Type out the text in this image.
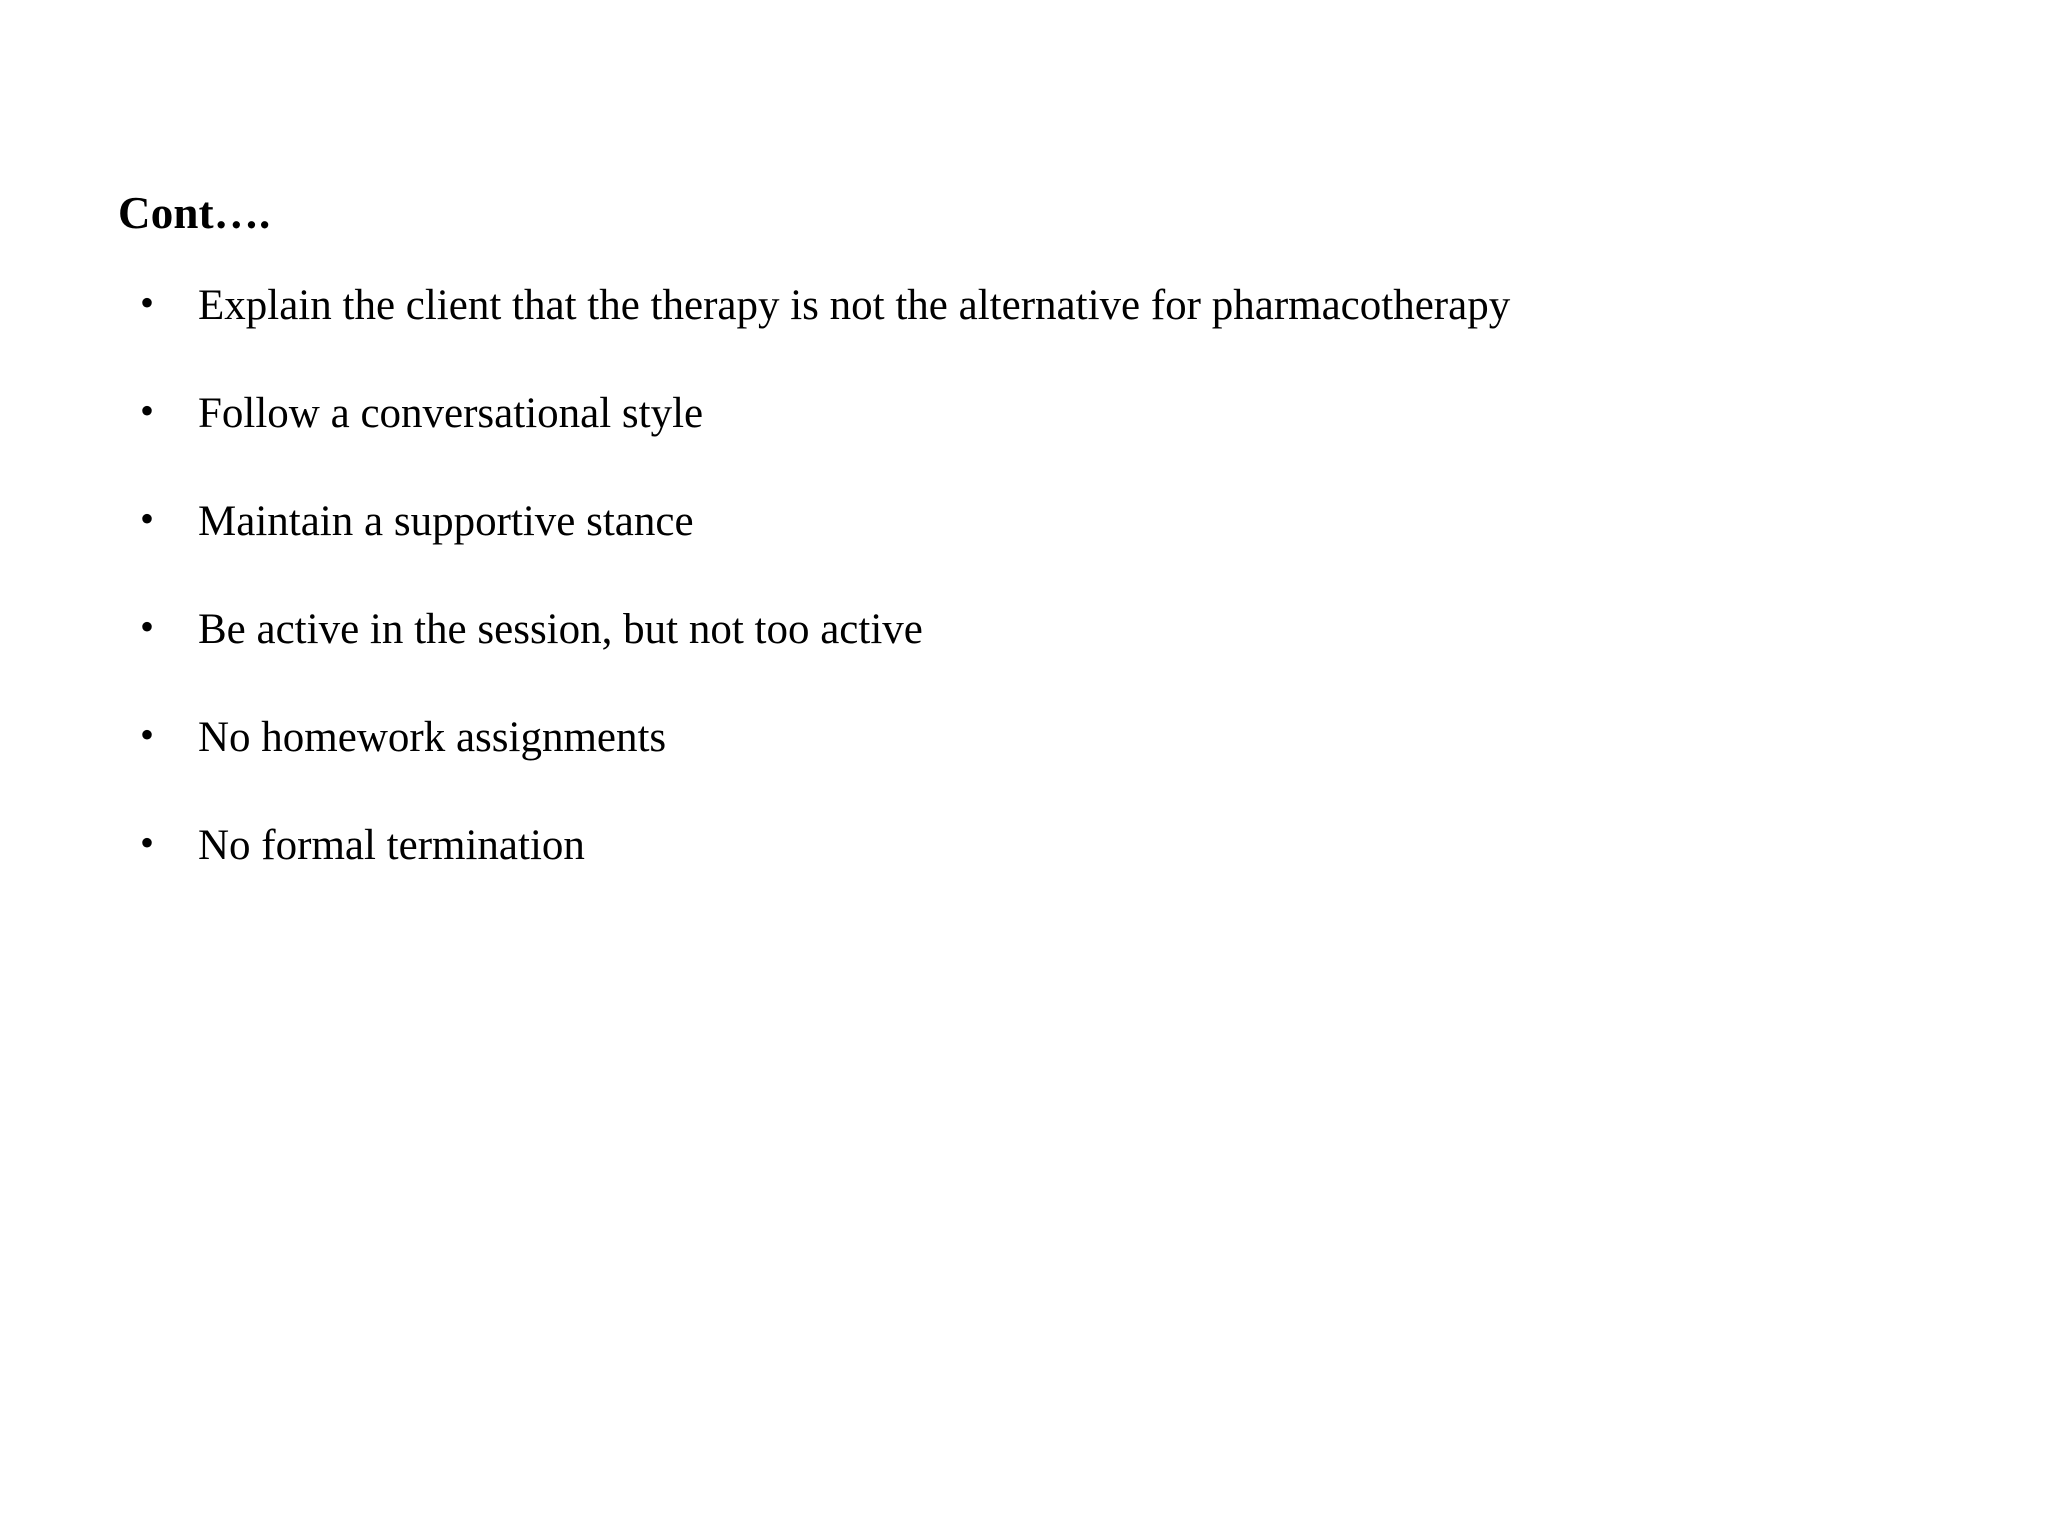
Cont….
• Explain the client that the therapy is not the alternative for pharmacotherapy
• Follow a conversational style
• Maintain a supportive stance
• Be active in the session, but not too active
• No homework assignments
• No formal termination
